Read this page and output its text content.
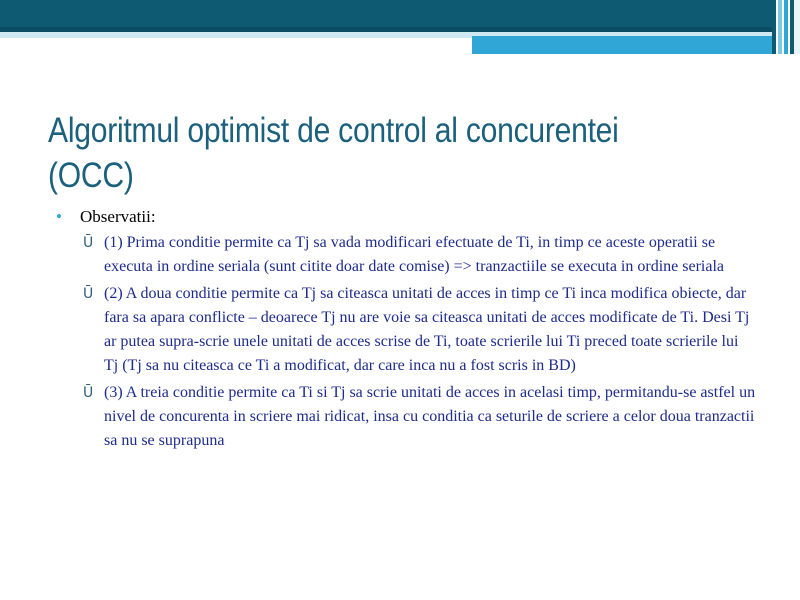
Algoritmul optimist de control al concurentei (OCC)
• Observatii:
Ū (1) Prima conditie permite ca Tj sa vada modificari efectuate de Ti, in timp ce aceste operatii se executa in ordine seriala (sunt citite doar date comise) => tranzactiile se executa in ordine seriala
Ū (2) A doua conditie permite ca Tj sa citeasca unitati de acces in timp ce Ti inca modifica obiecte, dar fara sa apara conflicte – deoarece Tj nu are voie sa citeasca unitati de acces modificate de Ti. Desi Tj ar putea supra-scrie unele unitati de acces scrise de Ti, toate scrierile lui Ti preced toate scrierile lui Tj (Tj sa nu citeasca ce Ti a modificat, dar care inca nu a fost scris in BD)
Ū (3) A treia conditie permite ca Ti si Tj sa scrie unitati de acces in acelasi timp, permitandu-se astfel un nivel de concurenta in scriere mai ridicat, insa cu conditia ca seturile de scriere a celor doua tranzactii sa nu se suprapuna
